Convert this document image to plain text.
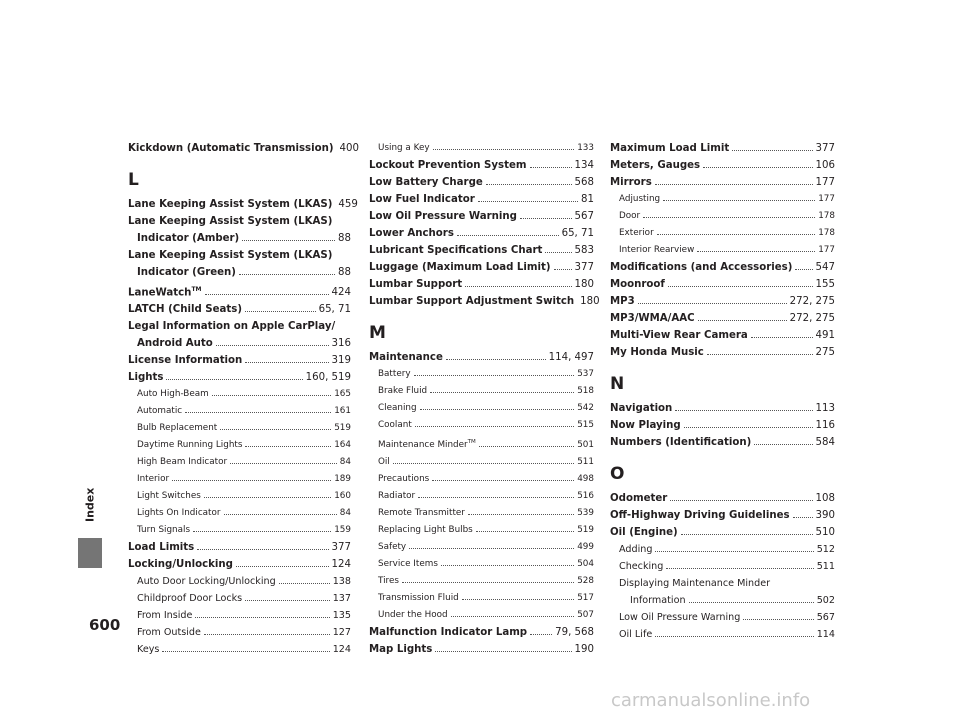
Index
600
Kickdown (Automatic Transmission) 400
L
Lane Keeping Assist System (LKAS) 459
Lane Keeping Assist System (LKAS)
Indicator (Amber)	88
Lane Keeping Assist System (LKAS)
Indicator (Green)	88
LaneWatch™	424
LATCH (Child Seats)	65, 71
Legal Information on Apple CarPlay/
Android Auto	316
License Information	319
Lights	160, 519
Auto High-Beam	165
Automatic	161
Bulb Replacement	519
Daytime Running Lights	164
High Beam Indicator	84
Interior	189
Light Switches	160
Lights On Indicator	84
Turn Signals	159
Load Limits	377
Locking/Unlocking	124
Auto Door Locking/Unlocking	138
Childproof Door Locks	137
From Inside	135
From Outside	127
Keys	124
Using a Key	133
Lockout Prevention System	134
Low Battery Charge	568
Low Fuel Indicator	81
Low Oil Pressure Warning	567
Lower Anchors	65, 71
Lubricant Specifications Chart	583
Luggage (Maximum Load Limit) 377
Lumbar Support	180
Lumbar Support Adjustment Switch 180
M
Maintenance	114, 497
Battery	537
Brake Fluid	518
Cleaning	542
Coolant	515
Maintenance Minder™	501
Oil	511
Precautions	498
Radiator	516
Remote Transmitter	539
Replacing Light Bulbs	519
Safety	499
Service Items	504
Tires	528
Transmission Fluid	517
Under the Hood	507
Malfunction Indicator Lamp	79, 568
Map Lights	190
Maximum Load Limit	377
Meters, Gauges	106
Mirrors	177
Adjusting	177
Door	178
Exterior	178
Interior Rearview	177
Modifications (and Accessories) 547
Moonroof	155
MP3	272, 275
MP3/WMA/AAC	272, 275
Multi-View Rear Camera	491
My Honda Music	275
N
Navigation	113
Now Playing	116
Numbers (Identification)	584
O
Odometer	108
Off-Highway Driving Guidelines	390
Oil (Engine)	510
Adding	512
Checking	511
Displaying Maintenance Minder
Information	502
Low Oil Pressure Warning	567
Oil Life	114
carmanualsonline.info
